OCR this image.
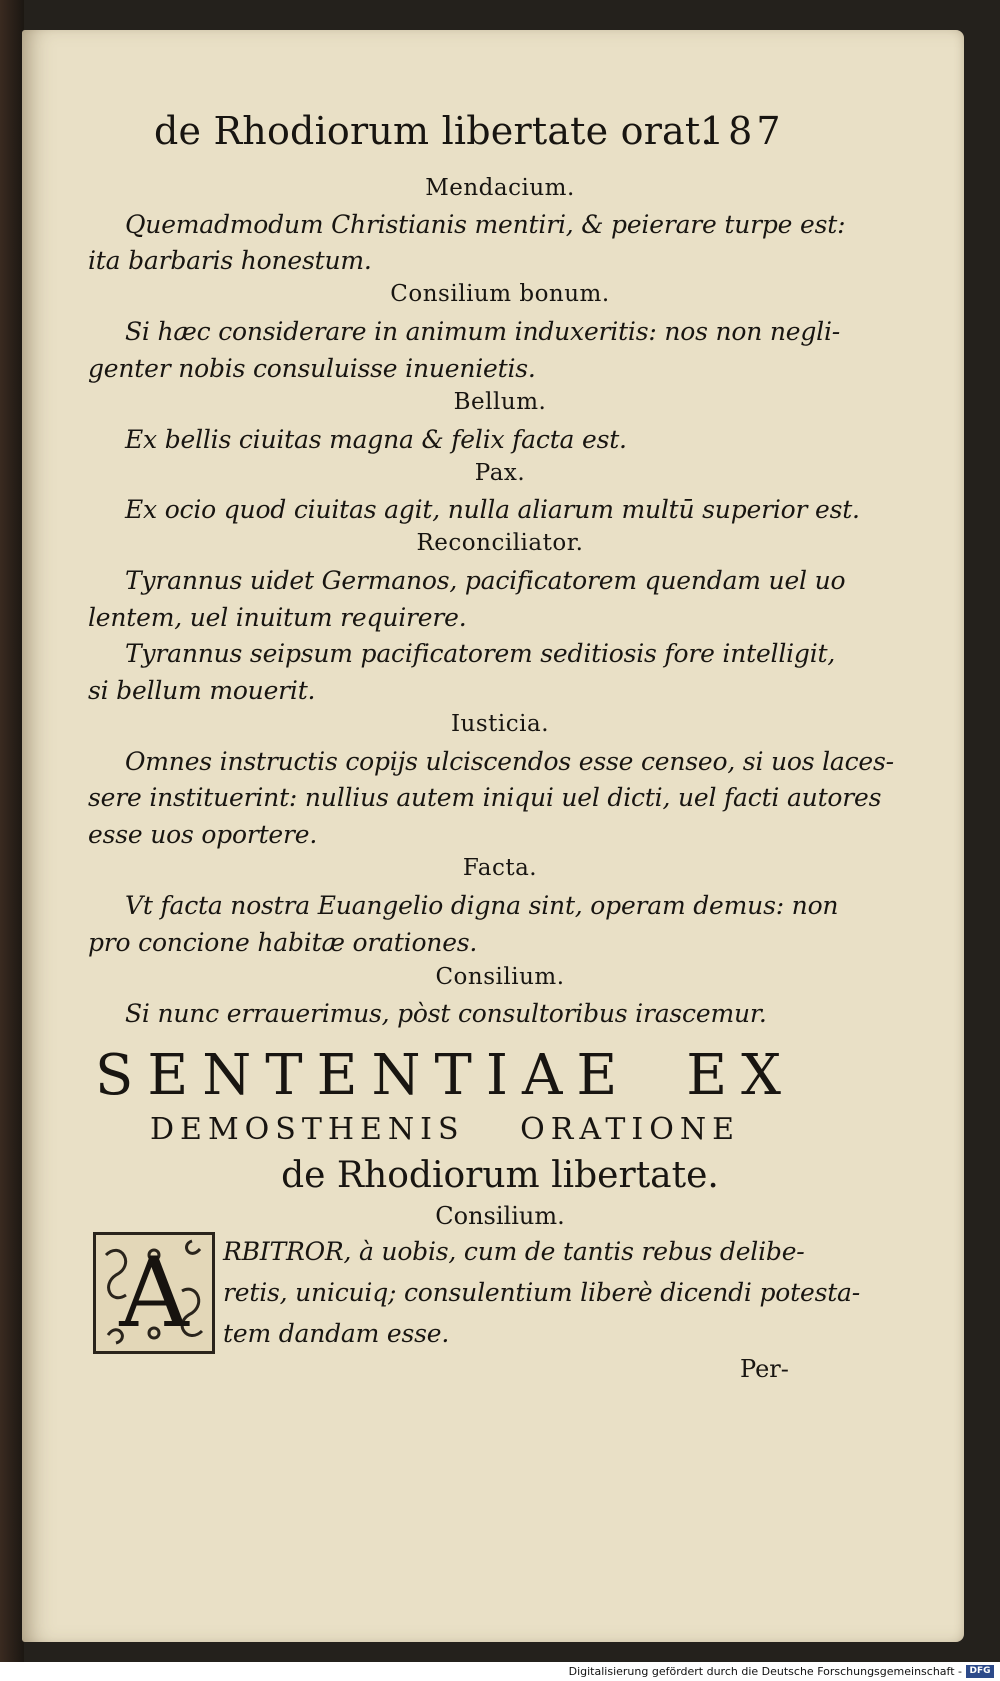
de Rhodiorum libertate orat.
187
Mendacium.
Quemadmodum Christianis mentiri, & peierare turpe est:
ita barbaris honestum.
Consilium bonum.
Si hæc considerare in animum induxeritis: nos non negli-
genter nobis consuluisse inuenietis.
Bellum.
Ex bellis ciuitas magna & felix facta est.
Pax.
Ex ocio quod ciuitas agit, nulla aliarum multū superior est.
Reconciliator.
Tyrannus uidet Germanos, pacificatorem quendam uel uo
lentem, uel inuitum requirere.
Tyrannus seipsum pacificatorem seditiosis fore intelligit,
si bellum mouerit.
Iusticia.
Omnes instructis copijs ulciscendos esse censeo, si uos laces-
sere instituerint: nullius autem iniqui uel dicti, uel facti autores
esse uos oportere.
Facta.
Vt facta nostra Euangelio digna sint, operam demus: non
pro concione habitæ orationes.
Consilium.
Si nunc errauerimus, pòst consultoribus irascemur.
SENTENTIAE EX
DEMOSTHENIS ORATIONE
de Rhodiorum libertate.
Consilium.
A	RBITROR, à uobis, cum de tantis rebus delibe-
retis, unicuiq; consulentium liberè dicendi potesta-
tem dandam esse.
Per-
Digitalisierung gefördert durch die Deutsche Forschungsgemeinschaft - DFG
